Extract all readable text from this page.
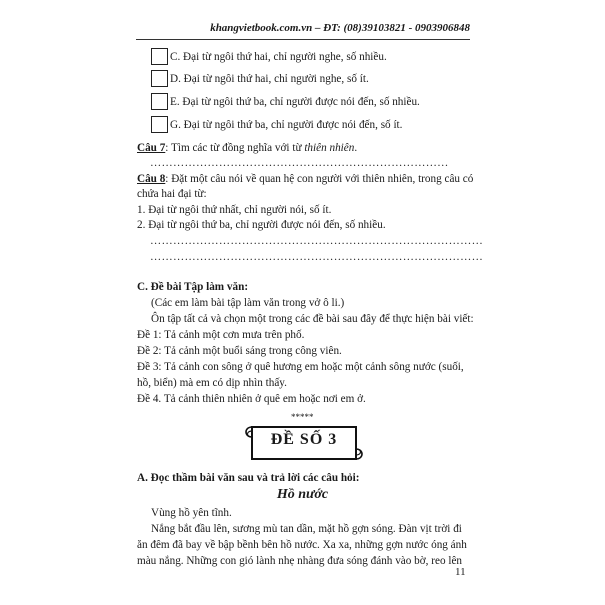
khangvietbook.com.vn – ĐT: (08)39103821 - 0903906848
C. Đại từ ngôi thứ hai, chỉ người nghe, số nhiều.
D. Đại từ ngôi thứ hai, chỉ người nghe, số ít.
E. Đại từ ngôi thứ ba, chỉ người được nói đến, số nhiều.
G. Đại từ ngôi thứ ba, chỉ người được nói đến, số ít.
Câu 7: Tìm các từ đồng nghĩa với từ thiên nhiên.
……………………………………………………………………
Câu 8: Đặt một câu nói về quan hệ con người với thiên nhiên, trong câu có
chứa hai đại từ:
1. Đại từ ngôi thứ nhất, chỉ người nói, số ít.
2. Đại từ ngôi thứ ba, chỉ người được nói đến, số nhiều.
……………………………………………………………………………
……………………………………………………………………………
C. Đề bài Tập làm văn:
(Các em làm bài tập làm văn trong vở ô li.)
Ôn tập tất cả và chọn một trong các đề bài sau đây để thực hiện bài viết:
Đề 1: Tả cảnh một cơn mưa trên phố.
Đề 2: Tả cảnh một buổi sáng trong công viên.
Đề 3: Tả cảnh con sông ở quê hương em hoặc một cảnh sông nước (suối,
hồ, biển) mà em có dịp nhìn thấy.
Đề 4. Tả cảnh thiên nhiên ở quê em hoặc nơi em ở.
*****
ĐỀ SỐ 3
A. Đọc thầm bài văn sau và trả lời các câu hỏi:
Hồ nước
Vùng hồ yên tĩnh.
Nắng bắt đầu lên, sương mù tan dần, mặt hồ gợn sóng. Đàn vịt trời đi
ăn đêm đã bay về bập bềnh bên hồ nước. Xa xa, những gợn nước óng ánh
màu nắng. Những con gió lành nhẹ nhàng đưa sóng đánh vào bờ, reo lên
11
